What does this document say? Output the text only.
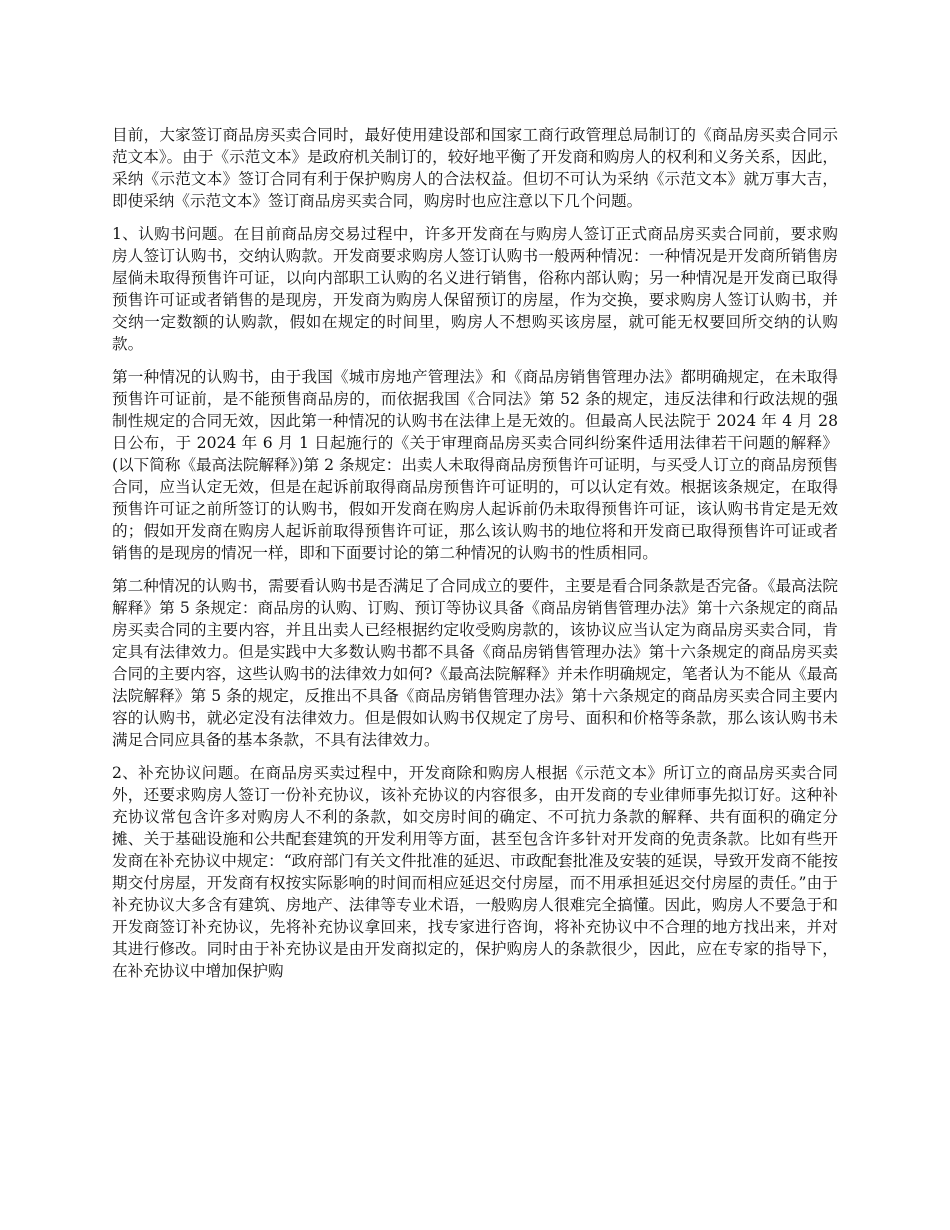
目前，大家签订商品房买卖合同时，最好使用建设部和国家工商行政管理总局制订的《商品房买卖合同示范文本》。由于《示范文本》是政府机关制订的，较好地平衡了开发商和购房人的权利和义务关系，因此，采纳《示范文本》签订合同有利于保护购房人的合法权益。但切不可认为采纳《示范文本》就万事大吉，即使采纳《示范文本》签订商品房买卖合同，购房时也应注意以下几个问题。

1、认购书问题。在目前商品房交易过程中，许多开发商在与购房人签订正式商品房买卖合同前，要求购房人签订认购书，交纳认购款。开发商要求购房人签订认购书一般两种情况：一种情况是开发商所销售房屋倘未取得预售许可证，以向内部职工认购的名义进行销售，俗称内部认购；另一种情况是开发商已取得预售许可证或者销售的是现房，开发商为购房人保留预订的房屋，作为交换，要求购房人签订认购书，并交纳一定数额的认购款，假如在规定的时间里，购房人不想购买该房屋，就可能无权要回所交纳的认购款。

第一种情况的认购书，由于我国《城市房地产管理法》和《商品房销售管理办法》都明确规定，在未取得预售许可证前，是不能预售商品房的，而依据我国《合同法》第 52 条的规定，违反法律和行政法规的强制性规定的合同无效，因此第一种情况的认购书在法律上是无效的。但最高人民法院于 2024 年 4 月 28 日公布，于 2024 年 6 月 1 日起施行的《关于审理商品房买卖合同纠纷案件适用法律若干问题的解释》(以下简称《最高法院解释》)第 2 条规定：出卖人未取得商品房预售许可证明，与买受人订立的商品房预售合同，应当认定无效，但是在起诉前取得商品房预售许可证明的，可以认定有效。根据该条规定，在取得预售许可证之前所签订的认购书，假如开发商在购房人起诉前仍未取得预售许可证，该认购书肯定是无效的；假如开发商在购房人起诉前取得预售许可证，那么该认购书的地位将和开发商已取得预售许可证或者销售的是现房的情况一样，即和下面要讨论的第二种情况的认购书的性质相同。

第二种情况的认购书，需要看认购书是否满足了合同成立的要件，主要是看合同条款是否完备。《最高法院解释》第 5 条规定：商品房的认购、订购、预订等协议具备《商品房销售管理办法》第十六条规定的商品房买卖合同的主要内容，并且出卖人已经根据约定收受购房款的，该协议应当认定为商品房买卖合同，肯定具有法律效力。但是实践中大多数认购书都不具备《商品房销售管理办法》第十六条规定的商品房买卖合同的主要内容，这些认购书的法律效力如何?《最高法院解释》并未作明确规定，笔者认为不能从《最高法院解释》第 5 条的规定，反推出不具备《商品房销售管理办法》第十六条规定的商品房买卖合同主要内容的认购书，就必定没有法律效力。但是假如认购书仅规定了房号、面积和价格等条款，那么该认购书未满足合同应具备的基本条款，不具有法律效力。

2、补充协议问题。在商品房买卖过程中，开发商除和购房人根据《示范文本》所订立的商品房买卖合同外，还要求购房人签订一份补充协议，该补充协议的内容很多，由开发商的专业律师事先拟订好。这种补充协议常包含许多对购房人不利的条款，如交房时间的确定、不可抗力条款的解释、共有面积的确定分摊、关于基础设施和公共配套建筑的开发利用等方面，甚至包含许多针对开发商的免责条款。比如有些开发商在补充协议中规定：“政府部门有关文件批准的延迟、市政配套批准及安装的延误，导致开发商不能按期交付房屋，开发商有权按实际影响的时间而相应延迟交付房屋，而不用承担延迟交付房屋的责任。”由于补充协议大多含有建筑、房地产、法律等专业术语，一般购房人很难完全搞懂。因此，购房人不要急于和开发商签订补充协议，先将补充协议拿回来，找专家进行咨询，将补充协议中不合理的地方找出来，并对其进行修改。同时由于补充协议是由开发商拟定的，保护购房人的条款很少，因此，应在专家的指导下，在补充协议中增加保护购
